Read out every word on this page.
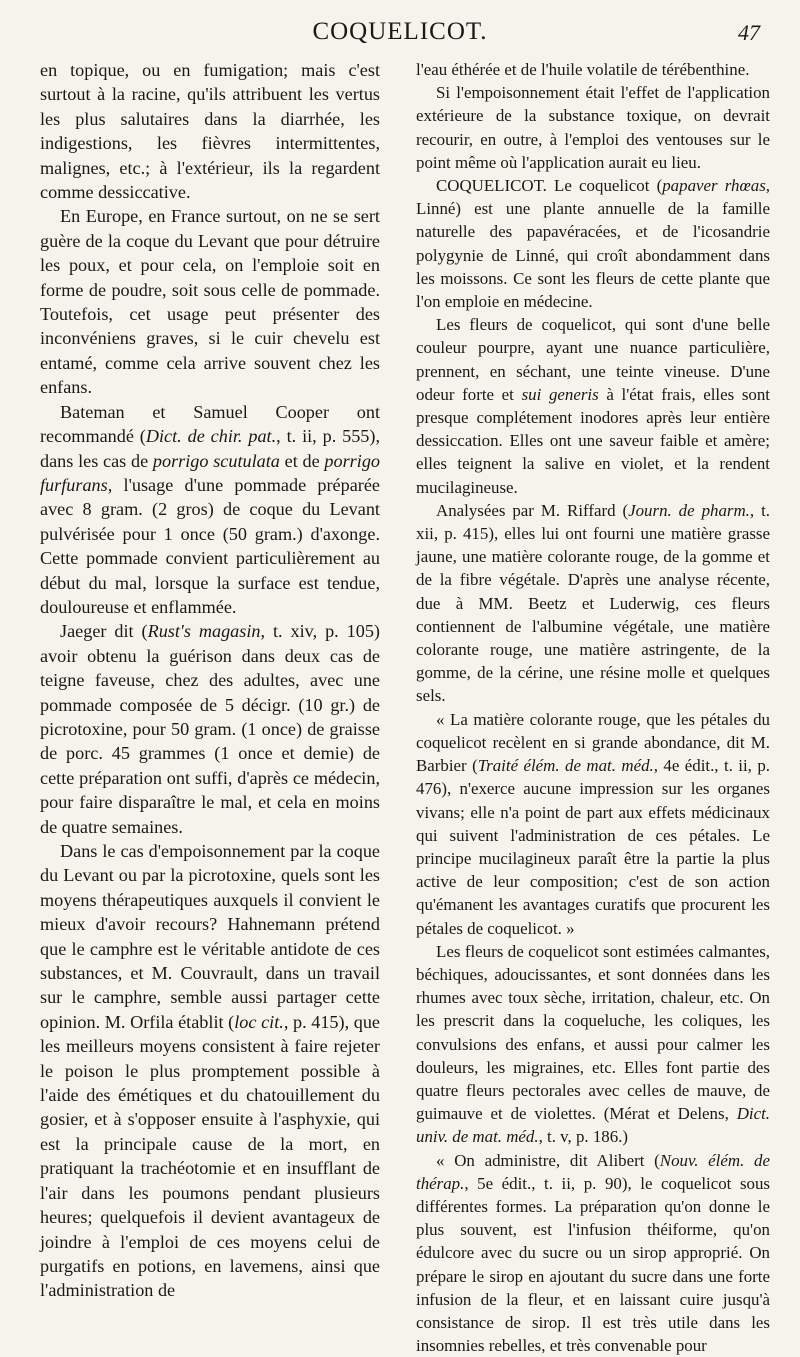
COQUELICOT.	47

en topique, ou en fumigation; mais c'est surtout à la racine, qu'ils attribuent les vertus les plus salutaires dans la diarrhée, les indigestions, les fièvres intermittentes, malignes, etc.; à l'extérieur, ils la regardent comme dessiccative.

En Europe, en France surtout, on ne se sert guère de la coque du Levant que pour détruire les poux, et pour cela, on l'emploie soit en forme de poudre, soit sous celle de pommade. Toutefois, cet usage peut présenter des inconvéniens graves, si le cuir chevelu est entamé, comme cela arrive souvent chez les enfans.

Bateman et Samuel Cooper ont recommandé (Dict. de chir. pat., t. ii, p. 555), dans les cas de porrigo scutulata et de porrigo furfurans, l'usage d'une pommade préparée avec 8 gram. (2 gros) de coque du Levant pulvérisée pour 1 once (50 gram.) d'axonge. Cette pommade convient particulièrement au début du mal, lorsque la surface est tendue, douloureuse et enflammée.

Jaeger dit (Rust's magasin, t. xiv, p. 105) avoir obtenu la guérison dans deux cas de teigne faveuse, chez des adultes, avec une pommade composée de 5 décigr. (10 gr.) de picrotoxine, pour 50 gram. (1 once) de graisse de porc. 45 grammes (1 once et demie) de cette préparation ont suffi, d'après ce médecin, pour faire disparaître le mal, et cela en moins de quatre semaines.

Dans le cas d'empoisonnement par la coque du Levant ou par la picrotoxine, quels sont les moyens thérapeutiques auxquels il convient le mieux d'avoir recours? Hahnemann prétend que le camphre est le véritable antidote de ces substances, et M. Couvrault, dans un travail sur le camphre, semble aussi partager cette opinion. M. Orfila établit (loc cit., p. 415), que les meilleurs moyens consistent à faire rejeter le poison le plus promptement possible à l'aide des émétiques et du chatouillement du gosier, et à s'opposer ensuite à l'asphyxie, qui est la principale cause de la mort, en pratiquant la trachéotomie et en insufflant de l'air dans les poumons pendant plusieurs heures; quelquefois il devient avantageux de joindre à l'emploi de ces moyens celui de purgatifs en potions, en lavemens, ainsi que l'administration de

l'eau éthérée et de l'huile volatile de térébenthine.

Si l'empoisonnement était l'effet de l'application extérieure de la substance toxique, on devrait recourir, en outre, à l'emploi des ventouses sur le point même où l'application aurait eu lieu.

COQUELICOT. Le coquelicot (papaver rhœas, Linné) est une plante annuelle de la famille naturelle des papavéracées, et de l'icosandrie polygynie de Linné, qui croît abondamment dans les moissons. Ce sont les fleurs de cette plante que l'on emploie en médecine.

Les fleurs de coquelicot, qui sont d'une belle couleur pourpre, ayant une nuance particulière, prennent, en séchant, une teinte vineuse. D'une odeur forte et sui generis à l'état frais, elles sont presque complétement inodores après leur entière dessiccation. Elles ont une saveur faible et amère; elles teignent la salive en violet, et la rendent mucilagineuse.

Analysées par M. Riffard (Journ. de pharm., t. xii, p. 415), elles lui ont fourni une matière grasse jaune, une matière colorante rouge, de la gomme et de la fibre végétale. D'après une analyse récente, due à MM. Beetz et Luderwig, ces fleurs contiennent de l'albumine végétale, une matière colorante rouge, une matière astringente, de la gomme, de la cérine, une résine molle et quelques sels.

« La matière colorante rouge, que les pétales du coquelicot recèlent en si grande abondance, dit M. Barbier (Traité élém. de mat. méd., 4e édit., t. ii, p. 476), n'exerce aucune impression sur les organes vivans; elle n'a point de part aux effets médicinaux qui suivent l'administration de ces pétales. Le principe mucilagineux paraît être la partie la plus active de leur composition; c'est de son action qu'émanent les avantages curatifs que procurent les pétales de coquelicot. »

Les fleurs de coquelicot sont estimées calmantes, béchiques, adoucissantes, et sont données dans les rhumes avec toux sèche, irritation, chaleur, etc. On les prescrit dans la coqueluche, les coliques, les convulsions des enfans, et aussi pour calmer les douleurs, les migraines, etc. Elles font partie des quatre fleurs pectorales avec celles de mauve, de guimauve et de violettes. (Mérat et Delens, Dict. univ. de mat. méd., t. v, p. 186.)

« On administre, dit Alibert (Nouv. élém. de thérap., 5e édit., t. ii, p. 90), le coquelicot sous différentes formes. La préparation qu'on donne le plus souvent, est l'infusion théiforme, qu'on édulcore avec du sucre ou un sirop approprié. On prépare le sirop en ajoutant du sucre dans une forte infusion de la fleur, et en laissant cuire jusqu'à consistance de sirop. Il est très utile dans les insomnies rebelles, et très convenable pour
